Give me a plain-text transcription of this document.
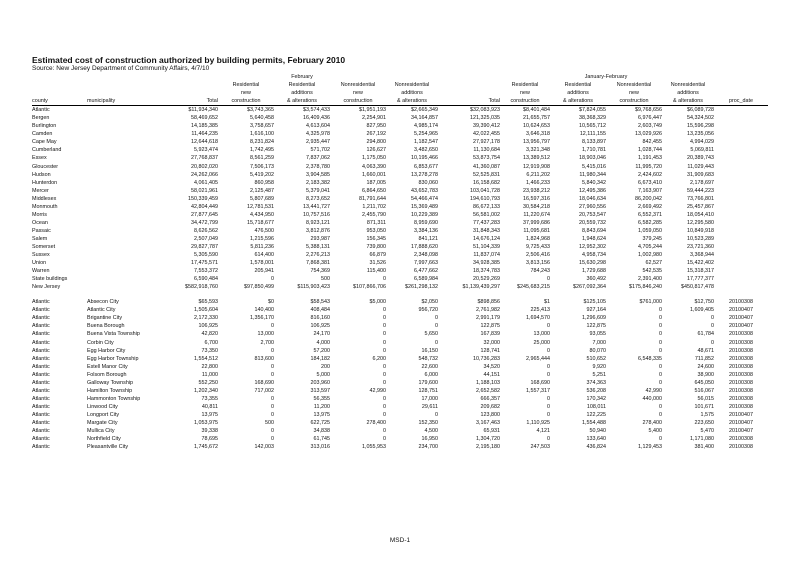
Estimated cost of construction authorized by building permits, February 2010
Source: New Jersey Department of Community Affairs, 4/7/10
				February					January-February			
			Residential	Residential	Nonresidential	Nonresidential		Residential	Residential	Nonresidential	Nonresidential	
			new	additions	new	additions		new	additions	new	additions	
county	municipality	Total	construction	& alterations	construction	& alterations	Total	construction	& alterations	construction	& alterations	proc_date
Atlantic		$11,934,340	$3,743,365	$3,574,433	$1,951,193	$2,665,349	$32,083,923	$8,401,484	$7,824,055	$9,768,656	$6,089,728	
Bergen		58,469,652	5,640,458	16,409,436	2,254,901	34,164,857	121,325,035	21,655,757	38,368,329	6,976,447	54,324,502	
Burlington		14,185,385	3,758,657	4,613,604	827,950	4,985,174	39,390,412	10,624,653	10,565,712	2,603,749	15,596,298	
Camden		11,464,235	1,616,100	4,325,978	267,192	5,254,965	42,022,455	3,646,318	12,111,155	13,029,926	13,235,056	
Cape May		12,644,618	8,231,824	2,935,447	294,800	1,182,547	27,927,178	13,956,797	8,133,897	842,455	4,994,029	
Cumberland		5,923,474	1,742,495	571,702	126,627	3,482,650	11,130,684	3,321,348	1,710,781	1,028,744	5,069,811	
Essex		27,768,837	8,561,259	7,837,062	1,175,050	10,195,466	53,873,754	13,389,512	18,903,046	1,191,453	20,389,743	
Gloucester		20,802,020	7,506,173	2,378,780	4,063,390	6,853,677	41,360,087	12,919,908	5,415,016	11,995,720	11,029,443	
Hudson		24,262,066	5,419,202	3,904,585	1,660,001	13,278,278	52,525,831	6,211,202	11,980,344	2,424,602	31,909,683	
Hunterdon		4,061,405	860,958	2,183,382	187,005	830,060	16,158,682	1,466,233	5,840,342	6,673,410	2,178,697	
Mercer		58,021,961	2,125,487	5,379,041	6,864,650	43,652,783	103,041,728	23,938,212	12,495,386	7,163,907	59,444,223	
Middlesex		150,339,459	5,807,689	8,273,652	81,791,644	54,466,474	194,610,793	16,597,316	18,046,634	86,200,042	73,766,801	
Monmouth		42,804,449	12,781,531	13,441,727	1,211,702	15,369,489	86,672,133	30,584,218	27,960,556	2,669,492	25,457,867	
Morris		27,877,645	4,434,950	10,757,516	2,455,790	10,229,389	56,581,002	11,220,674	20,753,547	6,552,371	18,054,410	
Ocean		34,472,799	15,718,677	8,923,121	871,311	8,959,690	77,437,283	37,999,686	20,559,732	6,582,285	12,295,580	
Passaic		8,626,562	476,500	3,812,876	953,050	3,384,136	31,848,343	11,095,681	8,843,694	1,059,050	10,849,918	
Salem		2,507,049	1,215,596	293,987	156,345	841,121	14,676,124	1,824,968	1,948,624	379,245	10,523,289	
Somerset		29,827,787	5,811,236	5,388,131	739,800	17,888,620	51,104,339	9,725,433	12,952,302	4,705,244	23,721,360	
Sussex		5,305,590	614,400	2,276,213	66,879	2,348,098	11,837,074	2,506,416	4,958,734	1,002,980	3,368,944	
Union		17,475,571	1,578,001	7,868,381	31,526	7,997,663	34,928,385	3,813,156	15,630,298	62,527	15,422,402	
Warren		7,553,372	205,941	754,369	115,400	6,477,662	18,374,783	784,243	1,729,688	542,535	15,318,317	
State buildings		6,590,484	0	500	0	6,589,984	20,529,269	0	360,492	2,391,400	17,777,377	
New Jersey		$582,918,760	$97,850,499	$115,903,423	$107,866,706	$261,298,132	$1,139,439,297	$245,683,215	$267,092,364	$175,846,240	$450,817,478	

Atlantic	Absecon City	$65,593	$0	$58,543	$5,000	$2,050	$898,856	$1	$125,105	$761,000	$12,750	20100308
Atlantic	Atlantic City	1,505,604	140,400	408,484	0	956,720	2,761,982	225,413	927,164	0	1,609,405	20100407
Atlantic	Brigantine City	2,172,330	1,356,170	816,160	0	0	2,991,179	1,694,570	1,296,609	0	0	20100407
Atlantic	Buena Borough	106,925	0	106,925	0	0	122,875	0	122,875	0	0	20100407
Atlantic	Buena Vista Township	42,820	13,000	24,170	0	5,650	167,839	13,000	93,055	0	61,784	20100308
Atlantic	Corbin City	6,700	2,700	4,000	0	0	32,000	25,000	7,000	0	0	20100308
Atlantic	Egg Harbor City	73,350	0	57,200	0	16,150	128,741	0	80,070	0	48,671	20100308
Atlantic	Egg Harbor Township	1,554,512	813,600	184,182	6,200	548,732	10,736,283	2,965,444	510,652	6,548,335	711,852	20100308
Atlantic	Estell Manor City	22,800	0	200	0	22,600	34,520	0	9,920	0	24,600	20100308
Atlantic	Folsom Borough	11,000	0	5,000	0	6,000	44,151	0	5,251	0	38,900	20100308
Atlantic	Galloway Township	552,250	168,690	203,960	0	179,600	1,188,103	168,690	374,363	0	645,050	20100308
Atlantic	Hamilton Township	1,202,340	717,002	313,597	42,990	128,751	2,652,582	1,557,317	536,208	42,990	516,067	20100308
Atlantic	Hammonton Township	73,355	0	56,355	0	17,000	666,357	0	170,342	440,000	56,015	20100308
Atlantic	Linwood City	40,811	0	11,200	0	29,611	209,682	0	108,011	0	101,671	20100308
Atlantic	Longport City	13,975	0	13,975	0	0	123,800	0	122,225	0	1,575	20100407
Atlantic	Margate City	1,053,975	500	622,725	278,400	152,350	3,167,463	1,110,925	1,554,488	278,400	223,650	20100407
Atlantic	Mullica City	39,338	0	34,838	0	4,500	65,931	4,121	50,940	5,400	5,470	20100407
Atlantic	Northfield City	78,695	0	61,745	0	16,950	1,304,720	0	133,640	0	1,171,080	20100308
Atlantic	Pleasantville City	1,745,672	142,003	313,016	1,055,953	234,700	2,195,180	247,503	436,824	1,129,453	381,400	20100308
MSD-1
